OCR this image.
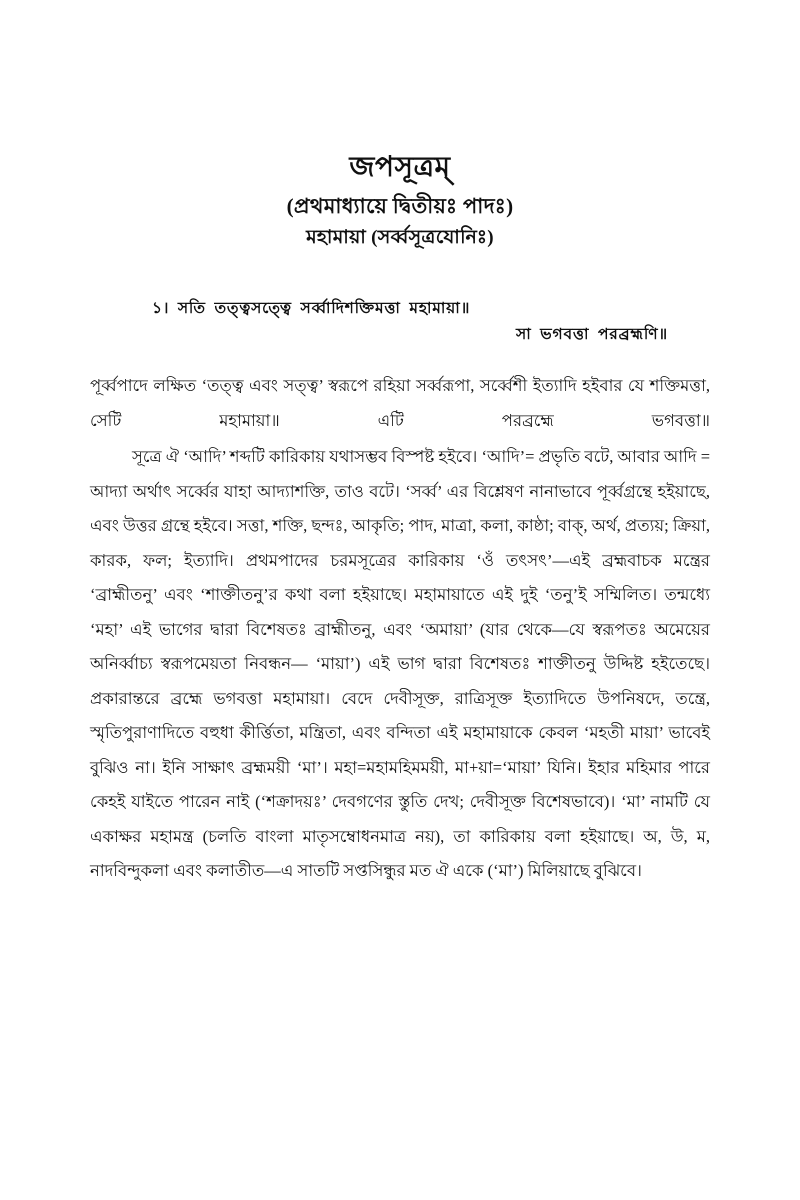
জপসূত্রম্
(প্রথমাধ্যায়ে দ্বিতীয়ঃ পাদঃ)
মহামায়া (সর্ব্বসূত্রযোনিঃ)
১। সতি তত্ত্বসত্ত্বে সর্ব্বাদিশক্তিমত্তা মহামায়া॥
সা ভগবত্তা পরব্রহ্মণি॥

পূর্ব্বপাদে লক্ষিত ‘তত্ত্ব এবং সত্ত্ব’ স্বরূপে রহিয়া সর্ব্বরূপা, সর্ব্বেশী ইত্যাদি হইবার যে শক্তিমত্তা, সেটি মহামায়া॥ এটি পরব্রহ্মে ভগবত্তা॥

সূত্রে ঐ ‘আদি’ শব্দটি কারিকায় যথাসম্ভব বিস্পষ্ট হইবে। ‘আদি’= প্রভৃতি বটে, আবার আদি = আদ্যা অর্থাৎ সর্ব্বের যাহা আদ্যাশক্তি, তাও বটে। ‘সর্ব্ব’ এর বিশ্লেষণ নানাভাবে পূর্ব্বগ্রন্থে হইয়াছে, এবং উত্তর গ্রন্থে হইবে। সত্তা, শক্তি, ছন্দঃ, আকৃতি; পাদ, মাত্রা, কলা, কাষ্ঠা; বাক্, অর্থ, প্রত্যয়; ক্রিয়া, কারক, ফল; ইত্যাদি। প্রথমপাদের চরমসূত্রের কারিকায় ‘ওঁ তৎসৎ’—এই ব্রহ্মবাচক মন্ত্রের ‘ব্রাহ্মীতনু’ এবং ‘শাক্তীতনু’র কথা বলা হইয়াছে। মহামায়াতে এই দুই ‘তনু’ই সম্মিলিত। তন্মধ্যে ‘মহা’ এই ভাগের দ্বারা বিশেষতঃ ব্রাহ্মীতনু, এবং ‘অমায়া’ (যার থেকে—যে স্বরূপতঃ অমেয়ের অনির্ব্বাচ্য স্বরূপমেয়তা নিবন্ধন— ‘মায়া’) এই ভাগ দ্বারা বিশেষতঃ শাক্তীতনু উদ্দিষ্ট হইতেছে। প্রকারান্তরে ব্রহ্মে ভগবত্তা মহামায়া। বেদে দেবীসূক্ত, রাত্রিসূক্ত ইত্যাদিতে উপনিষদে, তন্ত্রে, স্মৃতিপুরাণাদিতে বহুধা কীর্ত্তিতা, মন্ত্রিতা, এবং বন্দিতা এই মহামায়াকে কেবল ‘মহতী মায়া’ ভাবেই বুঝিও না। ইনি সাক্ষাৎ ব্রহ্মময়ী ‘মা’। মহা=মহামহিমময়ী, মা+য়া=‘মায়া’ যিনি। ইহার মহিমার পারে কেহই যাইতে পারেন নাই (‘শক্রাদয়ঃ’ দেবগণের স্তুতি দেখ; দেবীসূক্ত বিশেষভাবে)। ‘মা’ নামটি যে একাক্ষর মহামন্ত্র (চলতি বাংলা মাতৃসম্বোধনমাত্র নয়), তা কারিকায় বলা হইয়াছে। অ, উ, ম, নাদবিন্দুকলা এবং কলাতীত—এ সাতটি সপ্তসিন্ধুর মত ঐ একে (‘মা’) মিলিয়াছে বুঝিবে।
